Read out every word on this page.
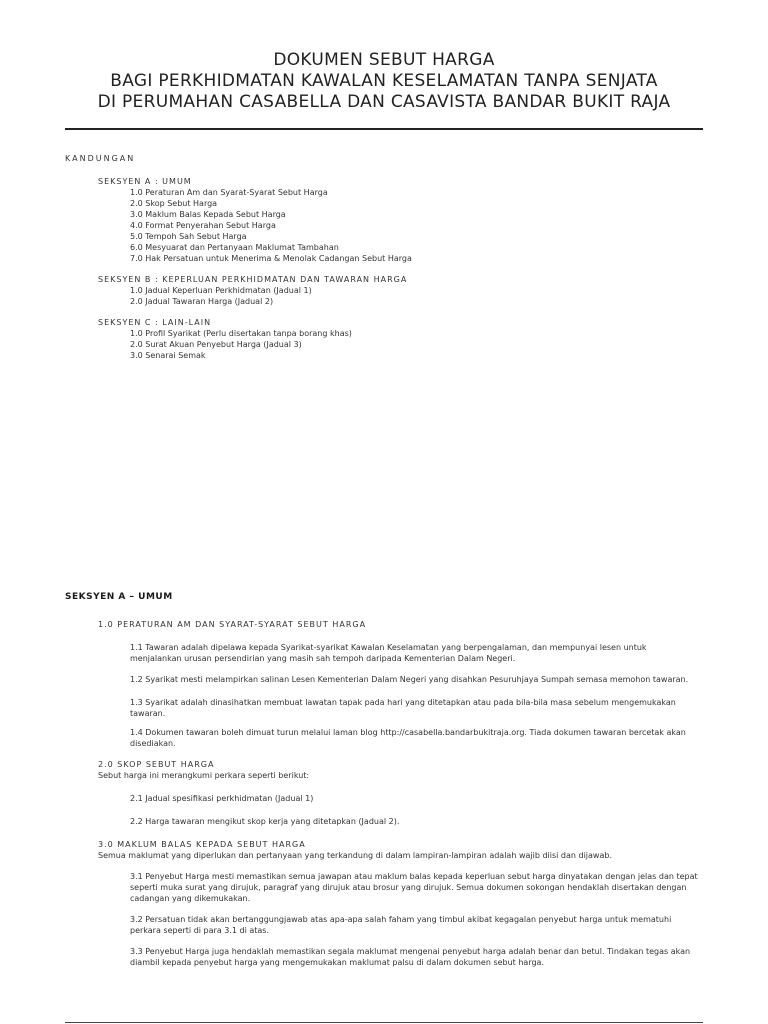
DOKUMEN SEBUT HARGA
BAGI PERKHIDMATAN KAWALAN KESELAMATAN TANPA SENJATA
DI PERUMAHAN CASABELLA DAN CASAVISTA BANDAR BUKIT RAJA
KANDUNGAN
SEKSYEN A : UMUM
1.0 Peraturan Am dan Syarat-Syarat Sebut Harga
2.0 Skop Sebut Harga
3.0 Maklum Balas Kepada Sebut Harga
4.0 Format Penyerahan Sebut Harga
5.0 Tempoh Sah Sebut Harga
6.0 Mesyuarat dan Pertanyaan Maklumat Tambahan
7.0 Hak Persatuan untuk Menerima & Menolak Cadangan Sebut Harga
SEKSYEN B : KEPERLUAN PERKHIDMATAN DAN TAWARAN HARGA
1.0 Jadual Keperluan Perkhidmatan (Jadual 1)
2.0 Jadual Tawaran Harga (Jadual 2)
SEKSYEN C : LAIN-LAIN
1.0 Profil Syarikat (Perlu disertakan tanpa borang khas)
2.0 Surat Akuan Penyebut Harga (Jadual 3)
3.0 Senarai Semak
SEKSYEN A – UMUM
1.0 PERATURAN AM DAN SYARAT-SYARAT SEBUT HARGA
1.1 Tawaran adalah dipelawa kepada Syarikat-syarikat Kawalan Keselamatan yang berpengalaman, dan mempunyai lesen untuk menjalankan urusan persendirian yang masih sah tempoh daripada Kementerian Dalam Negeri.
1.2 Syarikat mesti melampirkan salinan Lesen Kementerian Dalam Negeri yang disahkan Pesuruhjaya Sumpah semasa memohon tawaran.
1.3 Syarikat adalah dinasihatkan membuat lawatan tapak pada hari yang ditetapkan atau pada bila-bila masa sebelum mengemukakan tawaran.
1.4 Dokumen tawaran boleh dimuat turun melalui laman blog http://casabella.bandarbukitraja.org. Tiada dokumen tawaran bercetak akan disediakan.
2.0 SKOP SEBUT HARGA
Sebut harga ini merangkumi perkara seperti berikut:
2.1 Jadual spesifikasi perkhidmatan (Jadual 1)
2.2 Harga tawaran mengikut skop kerja yang ditetapkan (Jadual 2).
3.0 MAKLUM BALAS KEPADA SEBUT HARGA
Semua maklumat yang diperlukan dan pertanyaan yang terkandung di dalam lampiran-lampiran adalah wajib diisi dan dijawab.
3.1 Penyebut Harga mesti memastikan semua jawapan atau maklum balas kepada keperluan sebut harga dinyatakan dengan jelas dan tepat seperti muka surat yang dirujuk, paragraf yang dirujuk atau brosur yang dirujuk. Semua dokumen sokongan hendaklah disertakan dengan cadangan yang dikemukakan.
3.2 Persatuan tidak akan bertanggungjawab atas apa-apa salah faham yang timbul akibat kegagalan penyebut harga untuk mematuhi perkara seperti di para 3.1 di atas.
3.3 Penyebut Harga juga hendaklah memastikan segala maklumat mengenai penyebut harga adalah benar dan betul. Tindakan tegas akan diambil kepada penyebut harga yang mengemukakan maklumat palsu di dalam dokumen sebut harga.
